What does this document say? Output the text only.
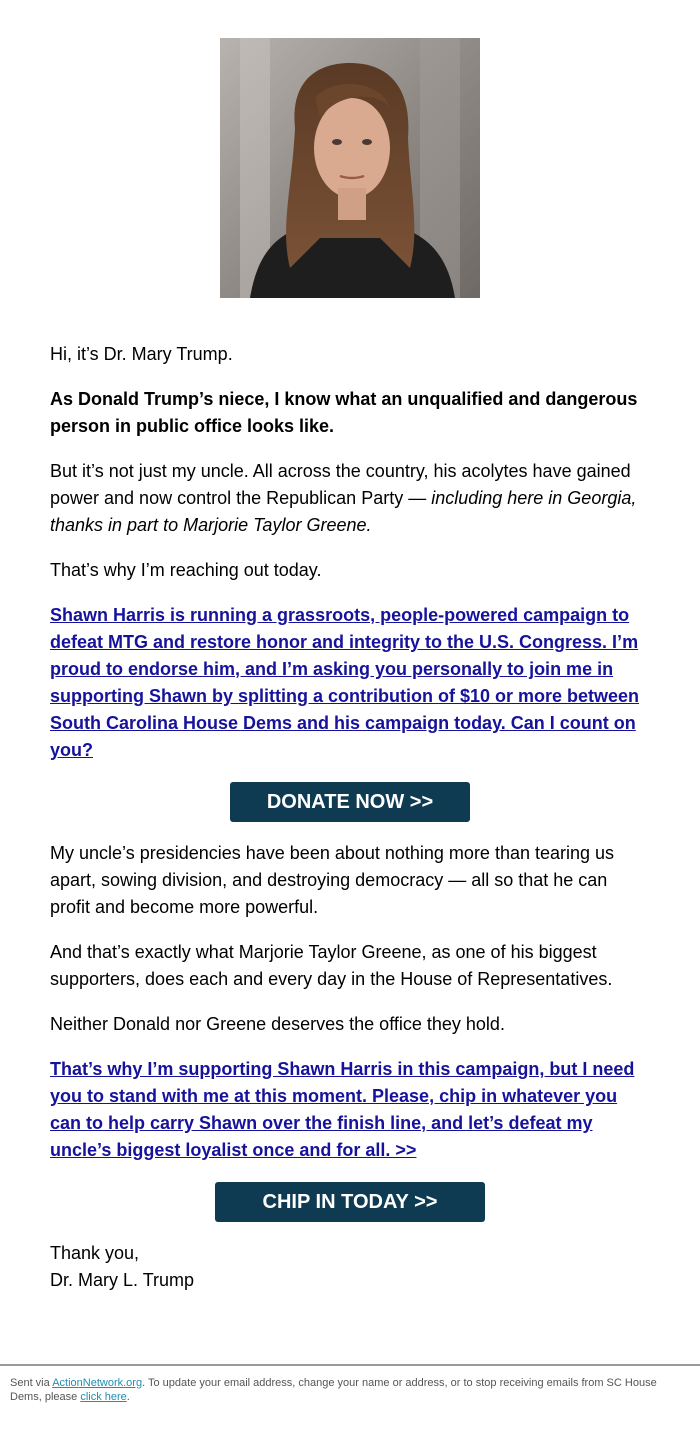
Hi, it’s Dr. Mary Trump.

As Donald Trump’s niece, I know what an unqualified and dangerous person in public office looks like.

But it’s not just my uncle. All across the country, his acolytes have gained power and now control the Republican Party — including here in Georgia, thanks in part to Marjorie Taylor Greene.

That’s why I’m reaching out today.

Shawn Harris is running a grassroots, people-powered campaign to defeat MTG and restore honor and integrity to the U.S. Congress. I’m proud to endorse him, and I’m asking you personally to join me in supporting Shawn by splitting a contribution of $10 or more between South Carolina House Dems and his campaign today. Can I count on you?
DONATE NOW >>

My uncle’s presidencies have been about nothing more than tearing us apart, sowing division, and destroying democracy — all so that he can profit and become more powerful.

And that’s exactly what Marjorie Taylor Greene, as one of his biggest supporters, does each and every day in the House of Representatives.

Neither Donald nor Greene deserves the office they hold.

That’s why I’m supporting Shawn Harris in this campaign, but I need you to stand with me at this moment. Please, chip in whatever you can to help carry Shawn over the finish line, and let’s defeat my uncle’s biggest loyalist once and for all. >>
CHIP IN TODAY >>

Thank you,

Dr. Mary L. Trump

Sent via ActionNetwork.org. To update your email address, change your name or address, or to stop receiving emails from SC House Dems, please click here.
